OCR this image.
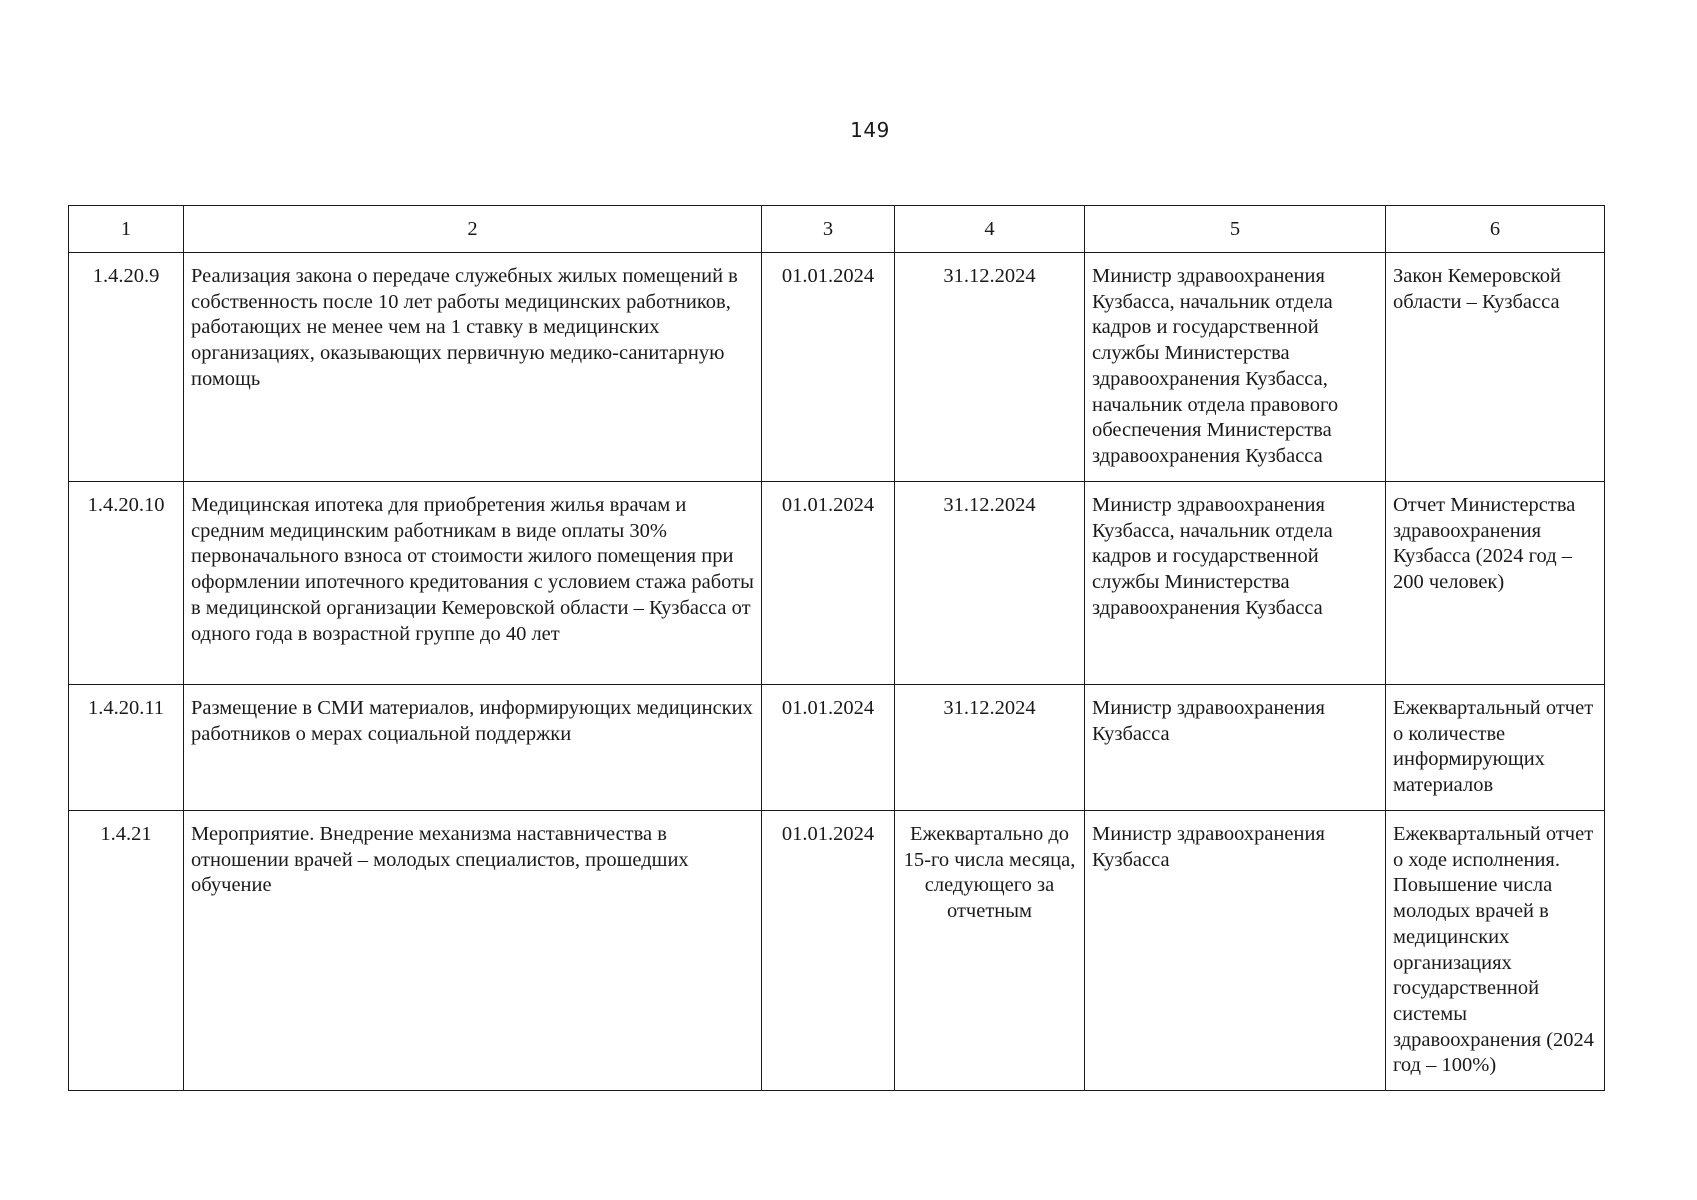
149
1	2	3	4	5	6
1.4.20.9	Реализация закона о передаче служебных жилых помещений в собственность после 10 лет работы медицинских работников, работающих не менее чем на 1 ставку в медицинских организациях, оказывающих первичную медико-санитарную помощь	01.01.2024	31.12.2024	Министр здравоохранения Кузбасса, начальник отдела кадров и государственной службы Министерства здравоохранения Кузбасса, начальник отдела правового обеспечения Министерства здравоохранения Кузбасса	Закон Кемеровской области – Кузбасса
1.4.20.10	Медицинская ипотека для приобретения жилья врачам и средним медицинским работникам в виде оплаты 30% первоначального взноса от стоимости жилого помещения при оформлении ипотечного кредитования с условием стажа работы в медицинской организации Кемеровской области – Кузбасса от одного года в возрастной группе до 40 лет	01.01.2024	31.12.2024	Министр здравоохранения Кузбасса, начальник отдела кадров и государственной службы Министерства здравоохранения Кузбасса	Отчет Министерства здравоохранения Кузбасса (2024 год – 200 человек)
1.4.20.11	Размещение в СМИ материалов, информирующих медицинских работников о мерах социальной поддержки	01.01.2024	31.12.2024	Министр здравоохранения Кузбасса	Ежеквартальный отчет о количестве информирующих материалов
1.4.21	Мероприятие. Внедрение механизма наставничества в отношении врачей – молодых специалистов, прошедших обучение	01.01.2024	Ежеквартально до 15-го числа месяца, следующего за отчетным	Министр здравоохранения Кузбасса	Ежеквартальный отчет о ходе исполнения. Повышение числа молодых врачей в медицинских организациях государственной системы здравоохранения (2024 год – 100%)
